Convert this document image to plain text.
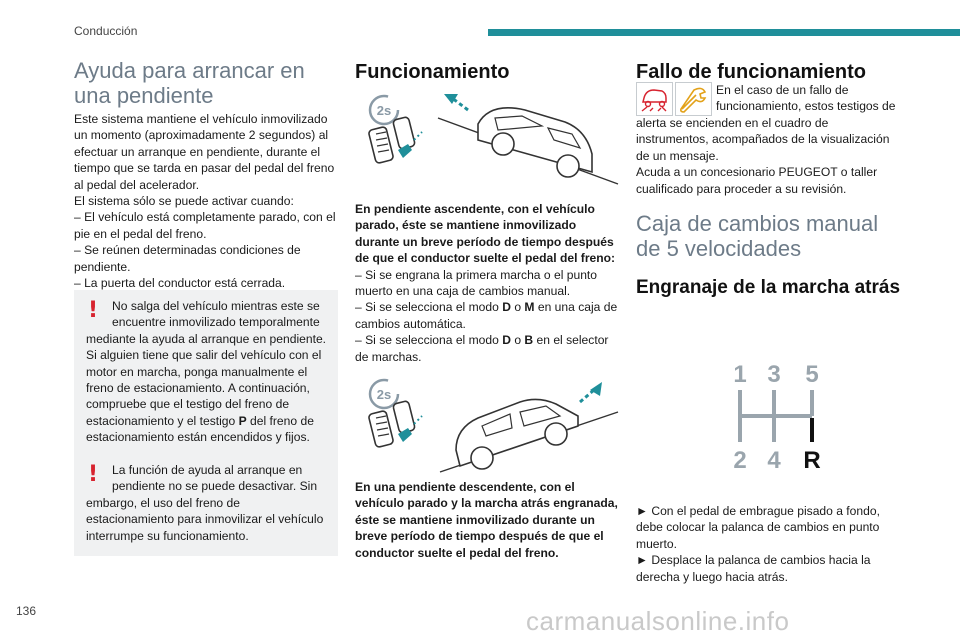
Conducción
Ayuda para arrancar en una pendiente

Este sistema mantiene el vehículo inmovilizado un momento (aproximadamente 2 segundos) al efectuar un arranque en pendiente, durante el tiempo que se tarda en pasar del pedal del freno al pedal del acelerador.

El sistema sólo se puede activar cuando:

– El vehículo está completamente parado, con el pie en el pedal del freno.

– Se reúnen determinadas condiciones de pendiente.

– La puerta del conductor está cerrada.

!	No salga del vehículo mientras este se encuentre inmovilizado temporalmente
mediante la ayuda al arranque en pendiente. Si alguien tiene que salir del vehículo con el motor en marcha, ponga manualmente el freno de estacionamiento. A continuación, compruebe que el testigo del freno de estacionamiento y el testigo P del freno de estacionamiento están encendidos y fijos.
!	La función de ayuda al arranque en pendiente no se puede desactivar. Sin
embargo, el uso del freno de estacionamiento para inmovilizar el vehículo interrumpe su funcionamiento.
Funcionamiento
2s

En pendiente ascendente, con el vehículo parado, éste se mantiene inmovilizado durante un breve período de tiempo después de que el conductor suelte el pedal del freno:

– Si se engrana la primera marcha o el punto muerto en una caja de cambios manual.

– Si se selecciona el modo D o M en una caja de cambios automática.

– Si se selecciona el modo D o B en el selector de marchas.

2s
En una pendiente descendente, con el vehículo parado y la marcha atrás engranada, éste se mantiene inmovilizado durante un breve período de tiempo después de que el conductor suelte el pedal del freno.
Fallo de funcionamiento
En el caso de un fallo de funcionamiento, estos testigos de

alerta se encienden en el cuadro de instrumentos, acompañados de la visualización de un mensaje.

Acuda a un concesionario PEUGEOT o taller cualificado para proceder a su revisión.

Caja de cambios manual de 5 velocidades
Engranaje de la marcha atrás
1 3 5
2 4 R

► Con el pedal de embrague pisado a fondo, debe colocar la palanca de cambios en punto muerto.

► Desplace la palanca de cambios hacia la derecha y luego hacia atrás.

136	carmanualsonline.info
